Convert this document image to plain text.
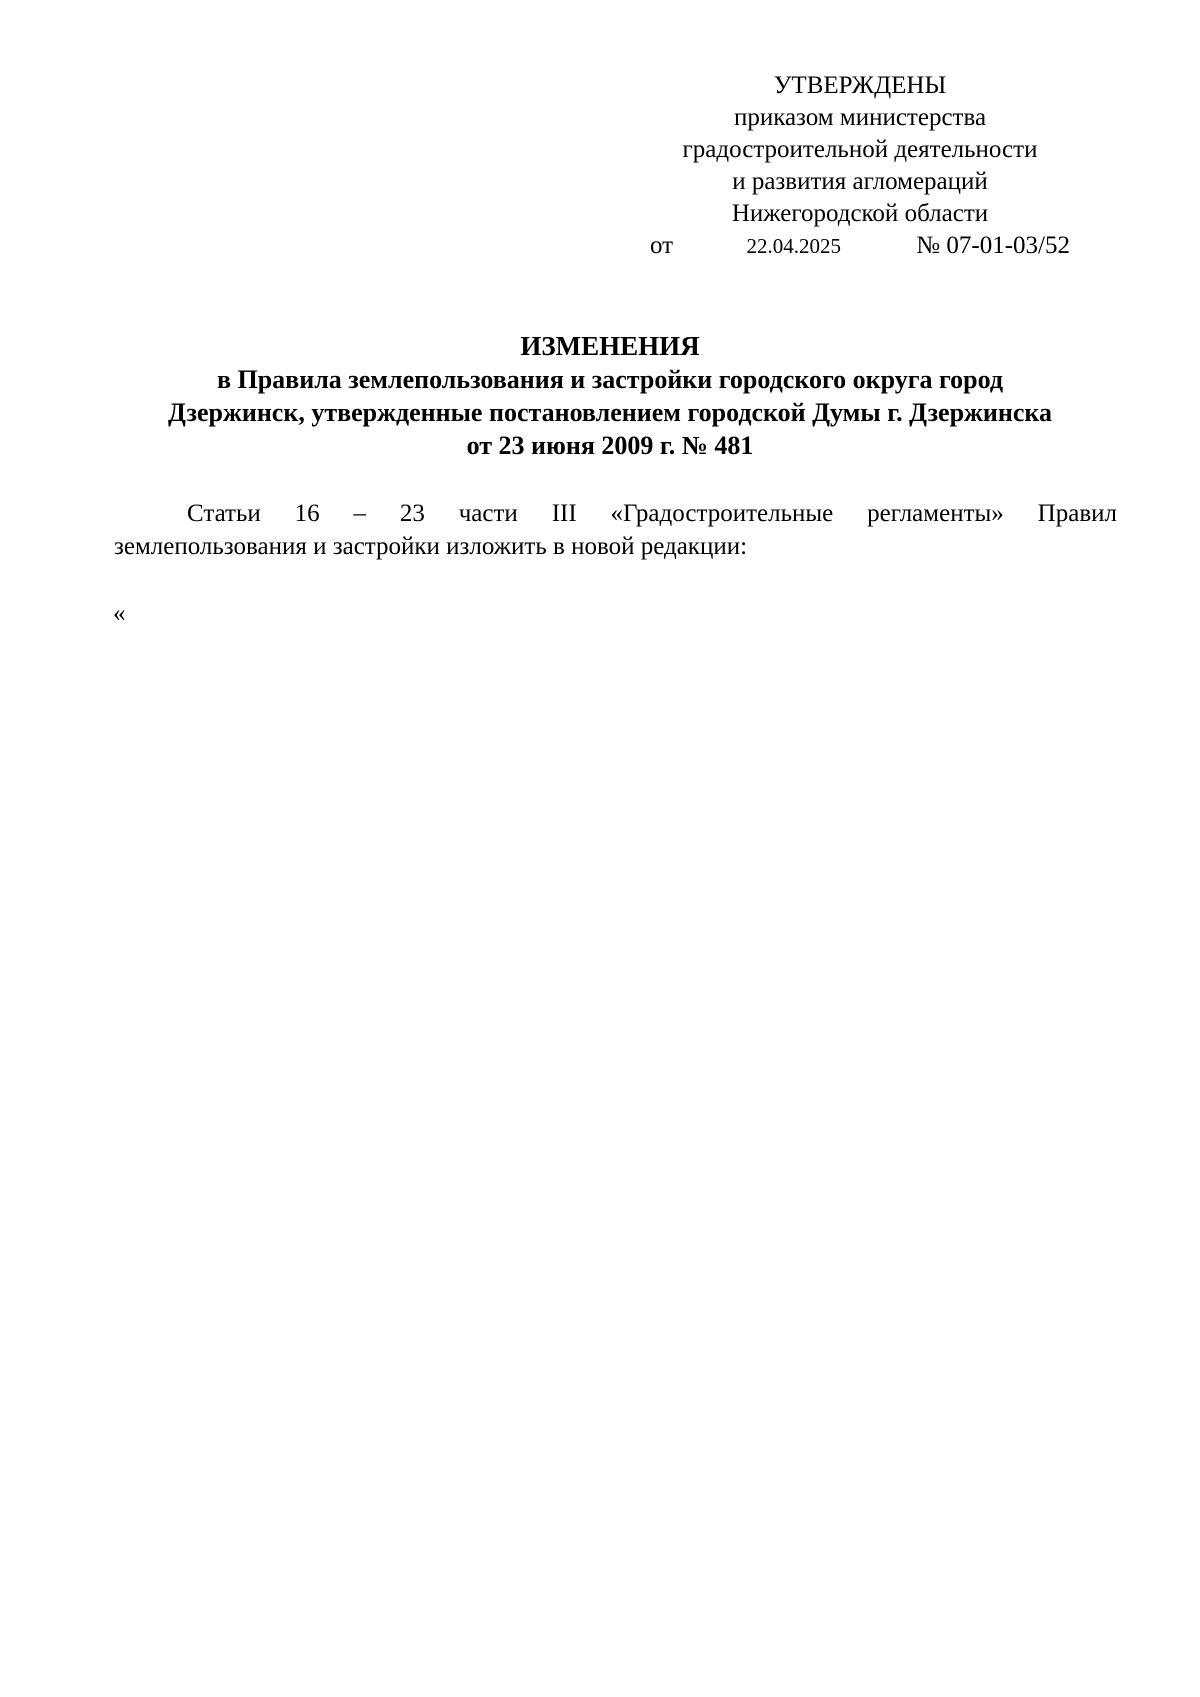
УТВЕРЖДЕНЫ
приказом министерства
градостроительной деятельности
и развития агломераций
Нижегородской области
от	22.04.2025	№ 07-01-03/52
ИЗМЕНЕНИЯ
в Правила землепользования и застройки городского округа город
Дзержинск, утвержденные постановлением городской Думы г. Дзержинска
от 23 июня 2009 г. № 481
Статьи 16 – 23 части III «Градостроительные регламенты» Правил
землепользования и застройки изложить в новой редакции:
«
